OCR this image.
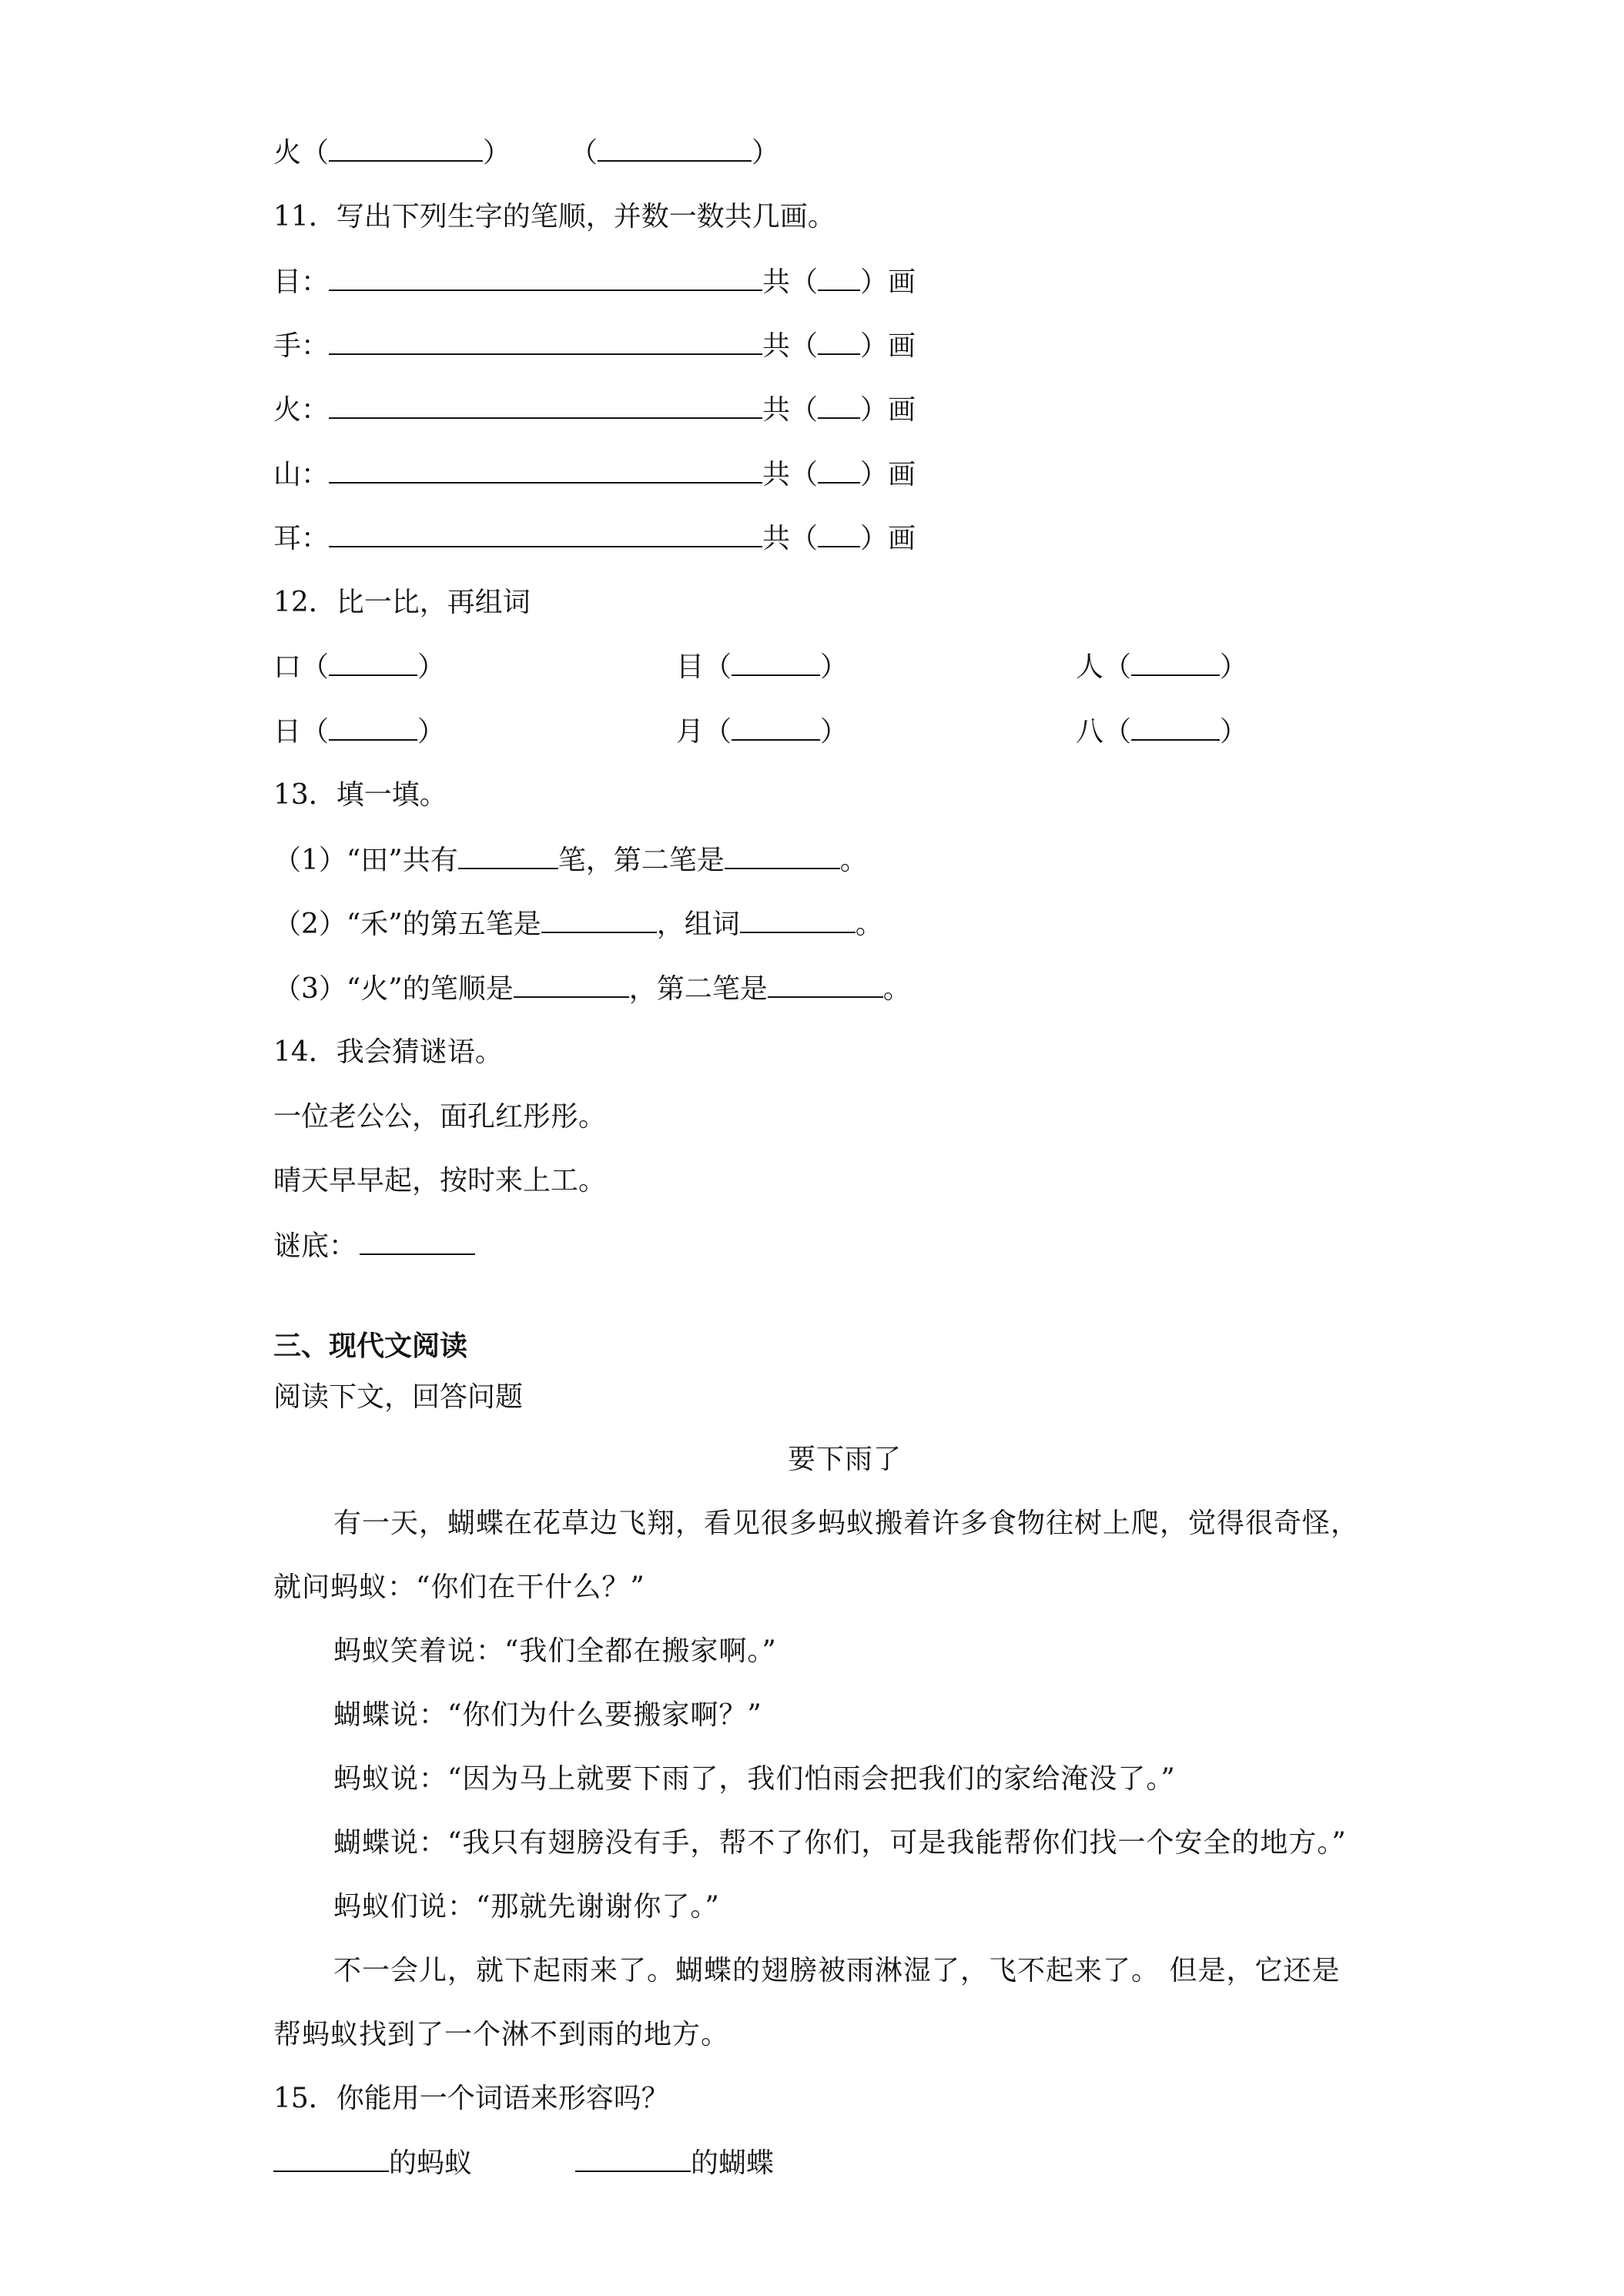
火（	） （	）
11．写出下列生字的笔顺，并数一数共几画。
目：	共（ ）画
手：	共（ ）画
火：	共（ ）画
山：	共（ ）画
耳：	共（ ）画
12．比一比，再组词
口（	）	目（	）	人（	）
日（	）	月（	）	八（	）
13．填一填。
（1）“田”共有	笔，第二笔是	。
（2）“禾”的第五笔是	，组词	。
（3）“火”的笔顺是	，第二笔是	。
14．我会猜谜语。
一位老公公，面孔红彤彤。
晴天早早起，按时来上工。
谜底：
三、现代文阅读
阅读下文，回答问题
要下雨了
有一天，蝴蝶在花草边飞翔，看见很多蚂蚁搬着许多食物往树上爬，觉得很奇怪，
就问蚂蚁：“你们在干什么？”
蚂蚁笑着说：“我们全都在搬家啊。”
蝴蝶说：“你们为什么要搬家啊？”
蚂蚁说：“因为马上就要下雨了，我们怕雨会把我们的家给淹没了。”
蝴蝶说：“我只有翅膀没有手，帮不了你们，可是我能帮你们找一个安全的地方。”
蚂蚁们说：“那就先谢谢你了。”
不一会儿，就下起雨来了。蝴蝶的翅膀被雨淋湿了，飞不起来了。 但是，它还是
帮蚂蚁找到了一个淋不到雨的地方。
15．你能用一个词语来形容吗？
的蚂蚁	的蝴蝶
